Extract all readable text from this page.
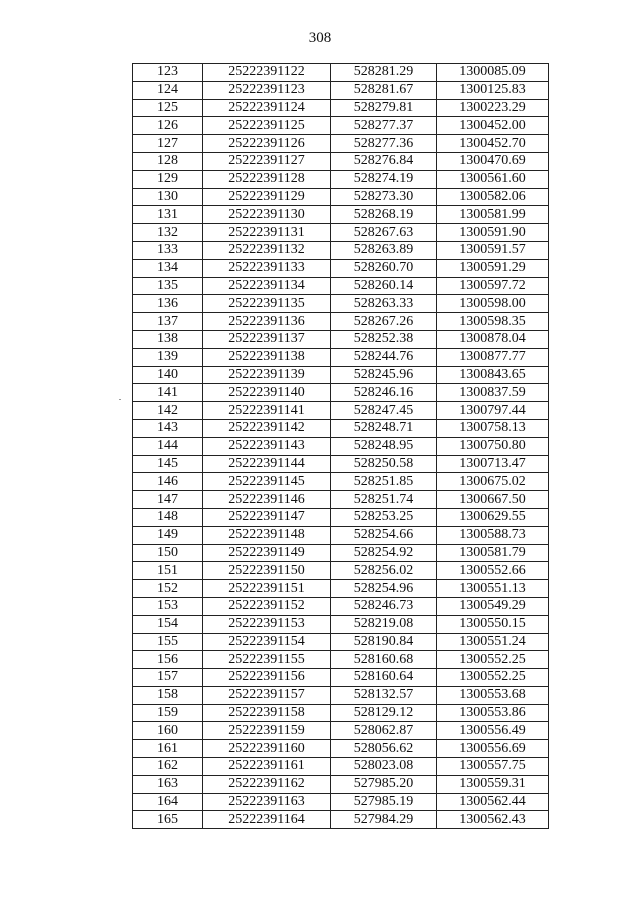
308
123	25222391122	528281.29	1300085.09
124	25222391123	528281.67	1300125.83
125	25222391124	528279.81	1300223.29
126	25222391125	528277.37	1300452.00
127	25222391126	528277.36	1300452.70
128	25222391127	528276.84	1300470.69
129	25222391128	528274.19	1300561.60
130	25222391129	528273.30	1300582.06
131	25222391130	528268.19	1300581.99
132	25222391131	528267.63	1300591.90
133	25222391132	528263.89	1300591.57
134	25222391133	528260.70	1300591.29
135	25222391134	528260.14	1300597.72
136	25222391135	528263.33	1300598.00
137	25222391136	528267.26	1300598.35
138	25222391137	528252.38	1300878.04
139	25222391138	528244.76	1300877.77
140	25222391139	528245.96	1300843.65
141	25222391140	528246.16	1300837.59
142	25222391141	528247.45	1300797.44
143	25222391142	528248.71	1300758.13
144	25222391143	528248.95	1300750.80
145	25222391144	528250.58	1300713.47
146	25222391145	528251.85	1300675.02
147	25222391146	528251.74	1300667.50
148	25222391147	528253.25	1300629.55
149	25222391148	528254.66	1300588.73
150	25222391149	528254.92	1300581.79
151	25222391150	528256.02	1300552.66
152	25222391151	528254.96	1300551.13
153	25222391152	528246.73	1300549.29
154	25222391153	528219.08	1300550.15
155	25222391154	528190.84	1300551.24
156	25222391155	528160.68	1300552.25
157	25222391156	528160.64	1300552.25
158	25222391157	528132.57	1300553.68
159	25222391158	528129.12	1300553.86
160	25222391159	528062.87	1300556.49
161	25222391160	528056.62	1300556.69
162	25222391161	528023.08	1300557.75
163	25222391162	527985.20	1300559.31
164	25222391163	527985.19	1300562.44
165	25222391164	527984.29	1300562.43
